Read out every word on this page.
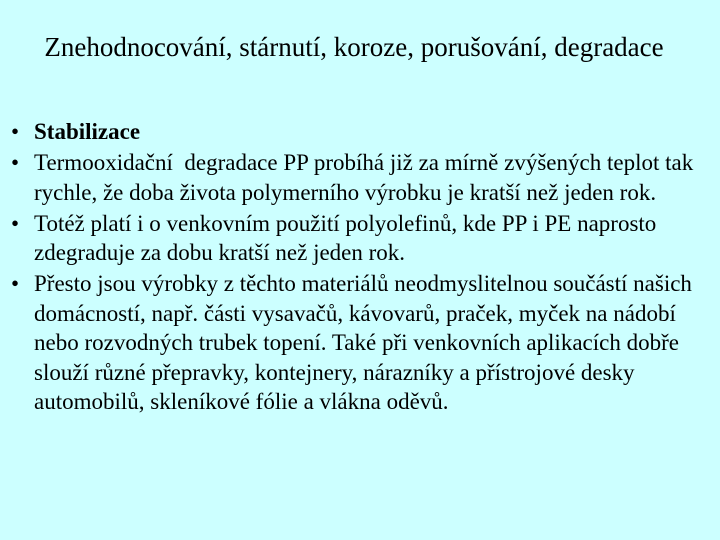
Znehodnocování, stárnutí, koroze, porušování, degradace
• Stabilizace
• Termooxidační  degradace PP probíhá již za mírně zvýšených teplot tak rychle, že doba života polymerního výrobku je kratší než jeden rok.
• Totéž platí i o venkovním použití polyolefinů, kde PP i PE naprosto zdegraduje za dobu kratší než jeden rok.
• Přesto jsou výrobky z těchto materiálů neodmyslitelnou součástí našich domácností, např. části vysavačů, kávovarů, praček, myček na nádobí nebo rozvodných trubek topení. Také při venkovních aplikacích dobře slouží různé přepravky, kontejnery, nárazníky a přístrojové desky automobilů, skleníkové fólie a vlákna oděvů.
